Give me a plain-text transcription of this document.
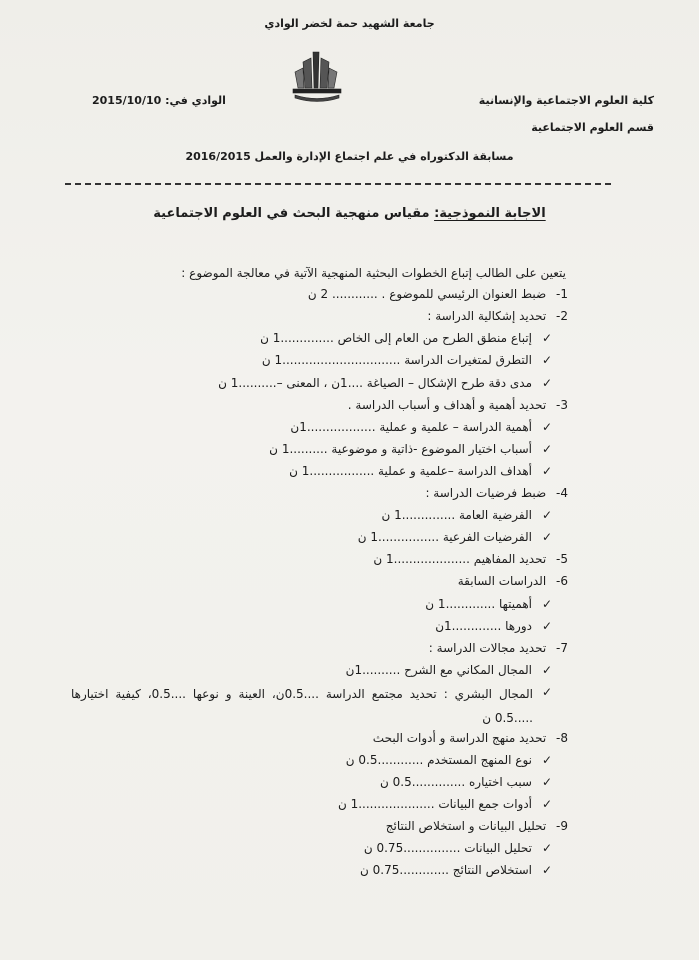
جامعة الشهيد حمة لخضر الوادي
كلية العلوم الاجتماعية والإنسانية
قسم العلوم الاجتماعية
الوادي في: 2015/10/10
مسابقة الدكتوراه في علم اجتماع الإدارة والعمل 2016/2015
الاجابة النموذجية: مقياس منهجية البحث في العلوم الاجتماعية
يتعين على الطالب إتباع الخطوات البحثية المنهجية الآتية في معالجة الموضوع :
1- ضبط العنوان الرئيسي للموضوع . ............ 2 ن
2- تحديد إشكالية الدراسة :
✓إتباع منطق الطرح من العام إلى الخاص ..............1 ن
✓التطرق لمتغيرات الدراسة ...............................1 ن
✓مدى دقة طرح الإشكال – الصياغة ....1ن ، المعنى –..........1 ن
3- تحديد أهمية و أهداف و أسباب الدراسة .
✓أهمية الدراسة – علمية و عملية ..................1ن
✓أسباب اختيار الموضوع -ذاتية و موضوعية ..........1 ن
✓أهداف الدراسة –علمية و عملية .................1 ن
4- ضبط فرضيات الدراسة :
✓الفرضية العامة ..............1 ن
✓الفرضيات الفرعية ................1 ن
5- تحديد المفاهيم ....................1 ن
6- الدراسات السابقة
✓أهميتها .............1 ن
✓دورها .............1ن
7- تحديد مجالات الدراسة :
✓المجال المكاني مع الشرح ..........1ن
✓
المجال البشري : تحديد مجتمع الدراسة ....0.5ن، العينة و نوعها ....0.5، كيفية اختيارها .....0.5 ن
8- تحديد منهج الدراسة و أدوات البحث
✓نوع المنهج المستخدم ............0.5 ن
✓سبب اختياره ..............0.5 ن
✓أدوات جمع البيانات ....................1 ن
9- تحليل البيانات و استخلاص النتائج
✓تحليل البيانات ...............0.75 ن
✓استخلاص النتائج .............0.75 ن
